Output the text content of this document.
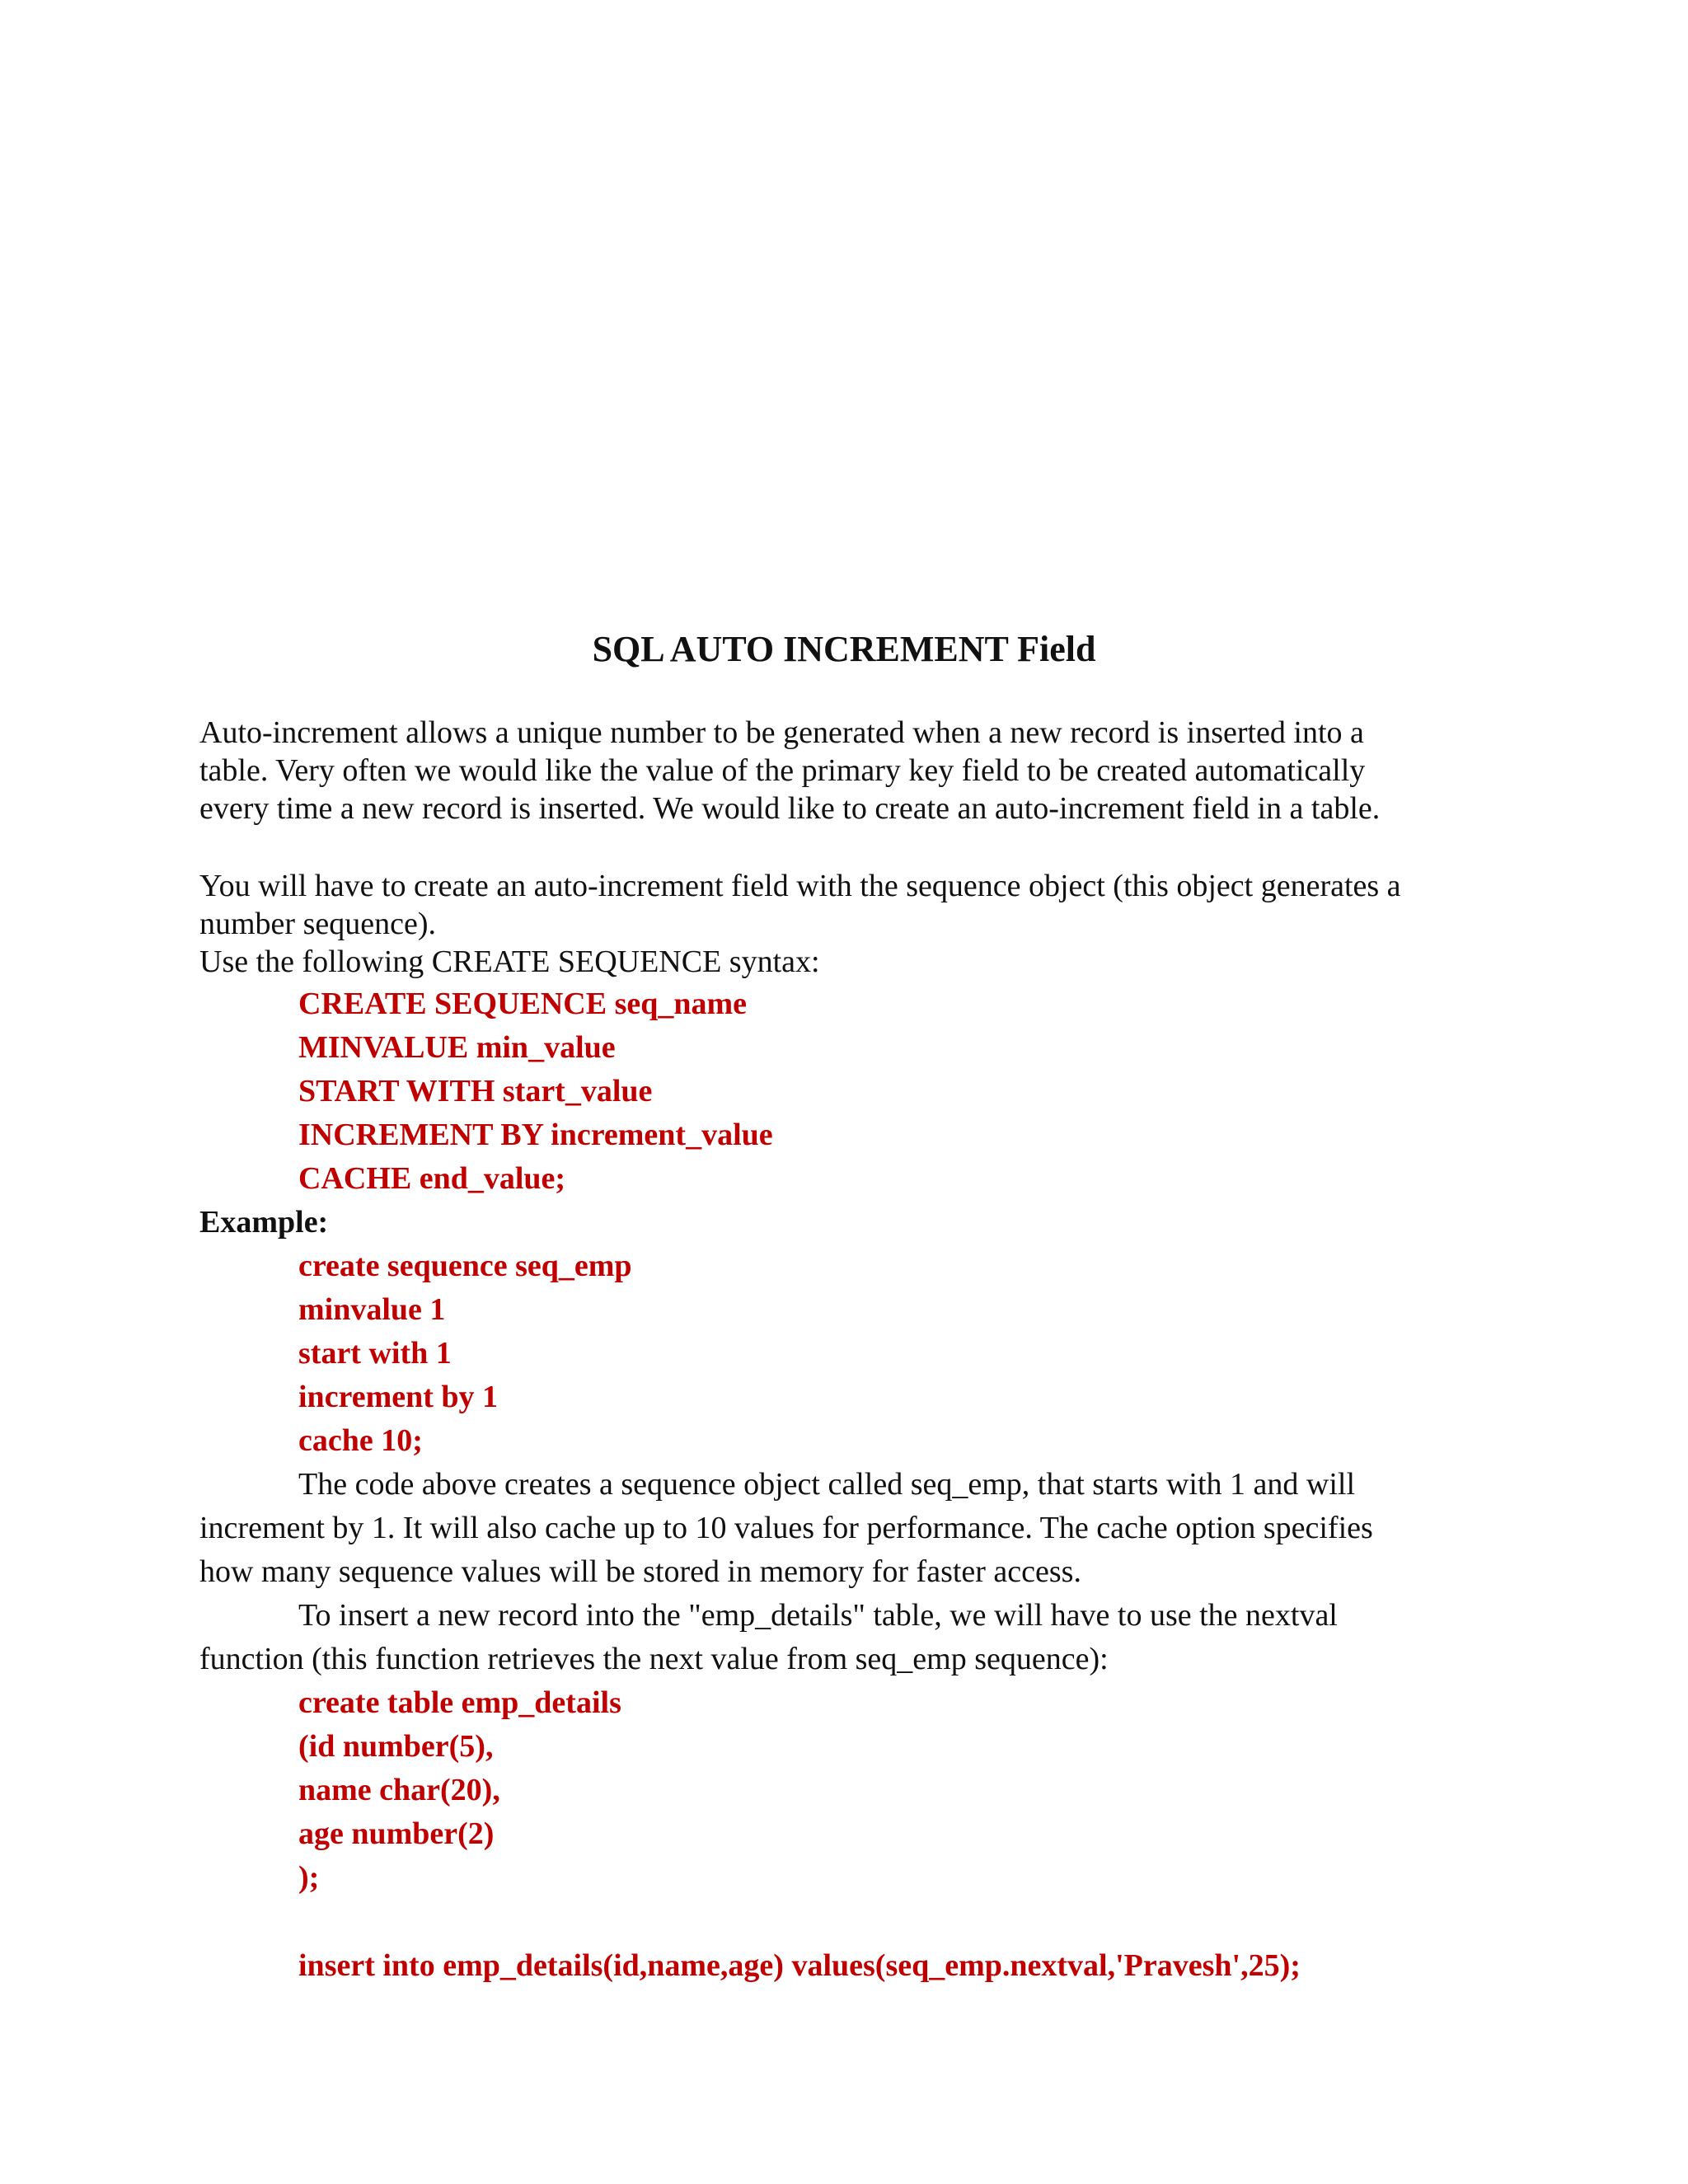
SQL AUTO INCREMENT Field
Auto-increment allows a unique number to be generated when a new record is inserted into a
table. Very often we would like the value of the primary key field to be created automatically
every time a new record is inserted. We would like to create an auto-increment field in a table.
You will have to create an auto-increment field with the sequence object (this object generates a
number sequence).
Use the following CREATE SEQUENCE syntax:
CREATE SEQUENCE seq_name
MINVALUE min_value
START WITH start_value
INCREMENT BY increment_value
CACHE end_value;
Example:
create sequence seq_emp
minvalue 1
start with 1
increment by 1
cache 10;
The code above creates a sequence object called seq_emp, that starts with 1 and will
increment by 1. It will also cache up to 10 values for performance. The cache option specifies
how many sequence values will be stored in memory for faster access.
To insert a new record into the "emp_details" table, we will have to use the nextval
function (this function retrieves the next value from seq_emp sequence):
create table emp_details
(id number(5),
name char(20),
age number(2)
);
insert into emp_details(id,name,age) values(seq_emp.nextval,'Pravesh',25);
